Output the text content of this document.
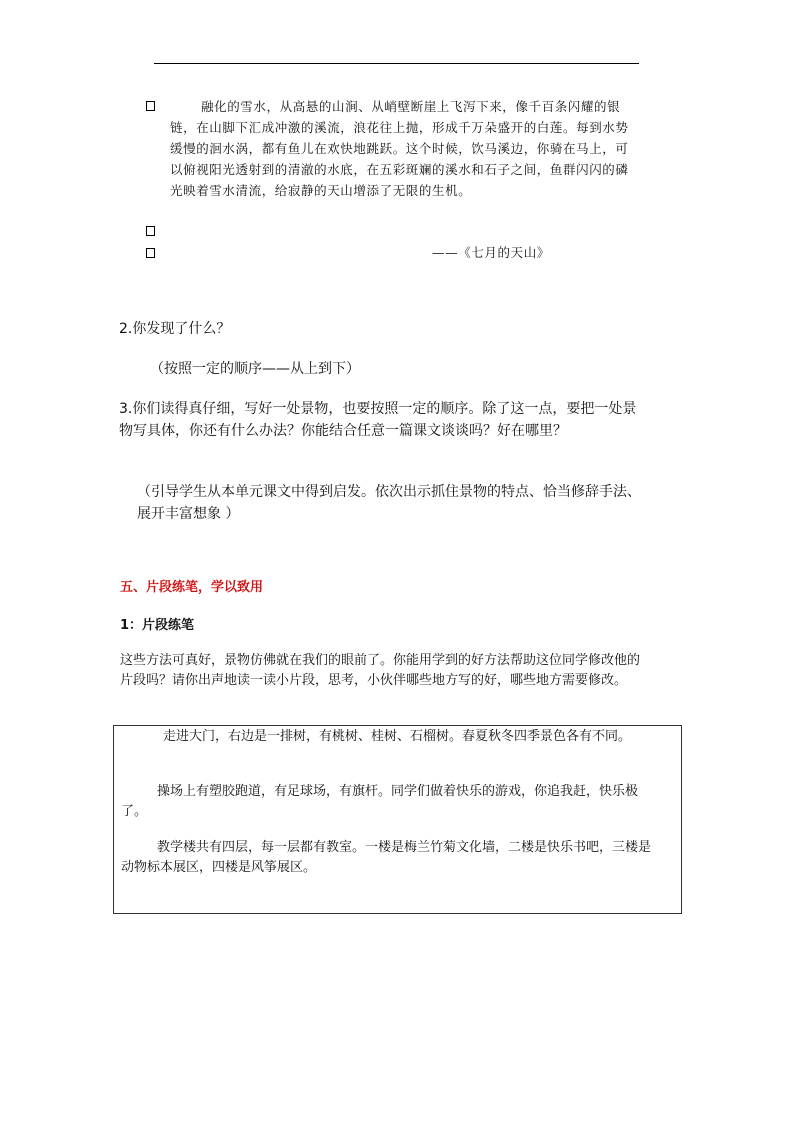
融化的雪水，从高悬的山涧、从峭壁断崖上飞泻下来，像千百条闪耀的银链，在山脚下汇成冲激的溪流，浪花往上抛，形成千万朵盛开的白莲。每到水势缓慢的洄水涡，都有鱼儿在欢快地跳跃。这个时候，饮马溪边，你骑在马上，可以俯视阳光透射到的清澈的水底，在五彩斑斓的溪水和石子之间，鱼群闪闪的磷光映着雪水清流，给寂静的天山增添了无限的生机。
——《七月的天山》
2.你发现了什么？
（按照一定的顺序——从上到下）
3.你们读得真仔细，写好一处景物，也要按照一定的顺序。除了这一点，要把一处景物写具体，你还有什么办法？你能结合任意一篇课文谈谈吗？好在哪里？
（引导学生从本单元课文中得到启发。依次出示抓住景物的特点、恰当修辞手法、展开丰富想象 ）
五、片段练笔，学以致用
1：片段练笔
这些方法可真好，景物仿佛就在我们的眼前了。你能用学到的好方法帮助这位同学修改他的片段吗？请你出声地读一读小片段，思考，小伙伴哪些地方写的好，哪些地方需要修改。

走进大门，右边是一排树，有桃树、桂树、石榴树。春夏秋冬四季景色各有不同。

操场上有塑胶跑道，有足球场，有旗杆。同学们做着快乐的游戏，你追我赶，快乐极了。

教学楼共有四层，每一层都有教室。一楼是梅兰竹菊文化墙，二楼是快乐书吧，三楼是动物标本展区，四楼是风筝展区。
